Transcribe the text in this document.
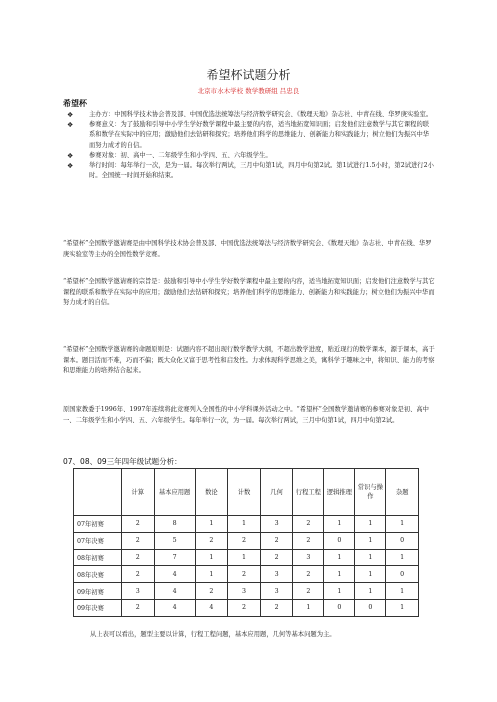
希望杯试题分析
北京市水木学校 数学教研组 吕忠良
希望杯

❖ 主办方：中国科学技术协会普及部、中国优选法统筹法与经济数学研究会、《数理天地》杂志社、中青在线、华罗庚实验室。

❖ 参赛意义：为了鼓励和引导中小学生学好数学课程中最主要的内容，适当地拓宽知识面；启发他们注意数学与其它课程的联系和数学在实际中的应用；激励他们去钻研和探究；培养他们科学的思维能力、创新能力和实践能力；树立他们为振兴中华而努力成才的自信。

❖ 参赛对象：初、高中一、二年级学生和小学四、五、六年级学生。

❖ 举行时间：每年举行一次，是为一届。每次举行两试，三月中旬第1试，四月中旬第2试。第1试进行1.5小时，第2试进行2小时。全国统一时间开始和结束。

“希望杯”全国数学邀请赛是由中国科学技术协会普及部、中国优选法统筹法与经济数学研究会、《数理天地》杂志社、中青在线、华罗庚实验室等主办的全国性数学竞赛。

“希望杯”全国数学邀请赛的宗旨是：鼓励和引导中小学生学好数学课程中最主要的内容，适当地拓宽知识面；启发他们注意数学与其它课程的联系和数学在实际中的应用；激励他们去钻研和探究；培养他们科学的思维能力、创新能力和实践能力；树立他们为振兴中华而努力成才的自信。

“希望杯”全国数学邀请赛的命题原则是：试题内容不超出现行数学教学大纲，不超出教学进度，贴近现行的数学课本，源于课本，高于课本。题目活而不难，巧而不偏；既大众化又富于思考性和启发性。力求体现科学思维之美，寓科学于趣味之中，将知识、能力的考察和思维能力的培养结合起来。

原国家教委于1996年、1997年连续将此竞赛列入全国性的中小学科课外活动之中。“希望杯”全国数学邀请赛的参赛对象是初、高中一、二年级学生和小学四、五、六年级学生。每年举行一次，为一届。每次举行两试，三月中旬第1试，四月中旬第2试。

07、08、09三年四年级试题分析：
	计算	基本应用题	数论	计数	几何	行程工程	逻辑推理	常识与操作	杂题
07年初赛	2	8	1	1	3	2	1	1	1
07年决赛	2	5	2	2	2	2	0	1	0
08年初赛	2	7	1	1	2	3	1	1	1
08年决赛	2	4	1	2	3	2	1	1	0
09年初赛	3	4	2	3	3	2	1	1	1
09年决赛	2	4	4	2	2	1	0	0	1
从上表可以看出，题型主要以计算，行程工程问题，基本应用题，几何等基本问题为主。
